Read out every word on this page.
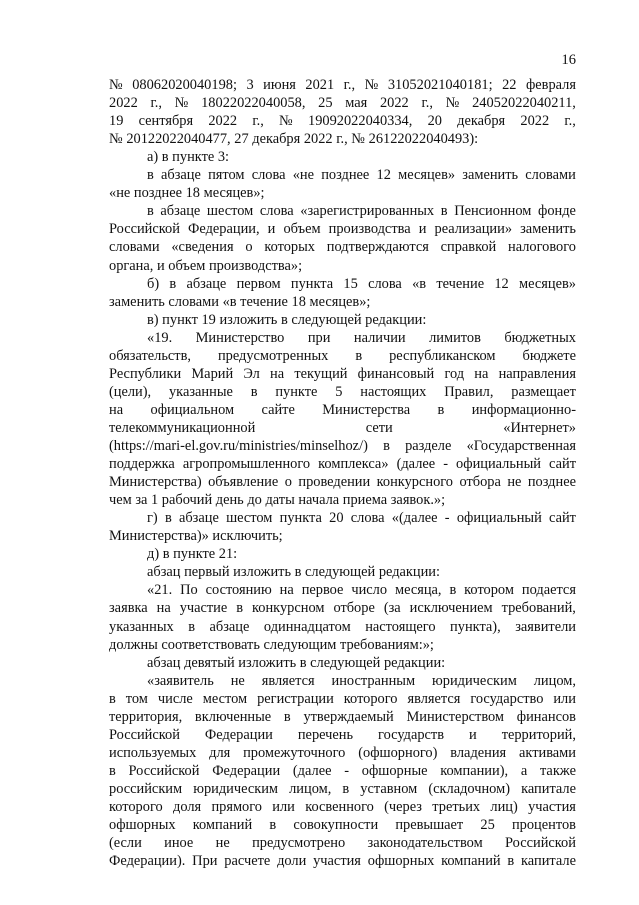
16
№ 08062020040198; 3 июня 2021 г., № 31052021040181; 22 февраля
2022 г., № 18022022040058, 25 мая 2022 г., № 24052022040211,
19 сентября 2022 г., № 19092022040334, 20 декабря 2022 г.,
№ 20122022040477, 27 декабря 2022 г., № 26122022040493):
а) в пункте 3:
в абзаце пятом слова «не позднее 12 месяцев» заменить словами
«не позднее 18 месяцев»;
в абзаце шестом слова «зарегистрированных в Пенсионном фонде
Российской Федерации, и объем производства и реализации» заменить
словами «сведения о которых подтверждаются справкой налогового
органа, и объем производства»;
б) в абзаце первом пункта 15 слова «в течение 12 месяцев»
заменить словами «в течение 18 месяцев»;
в) пункт 19 изложить в следующей редакции:
«19. Министерство при наличии лимитов бюджетных
обязательств, предусмотренных в республиканском бюджете
Республики Марий Эл на текущий финансовый год на направления
(цели), указанные в пункте 5 настоящих Правил, размещает
на официальном сайте Министерства в информационно-
телекоммуникационной	сети	«Интернет»
(https://mari-el.gov.ru/ministries/minselhoz/) в разделе «Государственная
поддержка агропромышленного комплекса» (далее - официальный сайт
Министерства) объявление о проведении конкурсного отбора не позднее
чем за 1 рабочий день до даты начала приема заявок.»;
г) в абзаце шестом пункта 20 слова «(далее - официальный сайт
Министерства)» исключить;
д) в пункте 21:
абзац первый изложить в следующей редакции:
«21. По состоянию на первое число месяца, в котором подается
заявка на участие в конкурсном отборе (за исключением требований,
указанных в абзаце одиннадцатом настоящего пункта), заявители
должны соответствовать следующим требованиям:»;
абзац девятый изложить в следующей редакции:
«заявитель не является иностранным юридическим лицом,
в том числе местом регистрации которого является государство или
территория, включенные в утверждаемый Министерством финансов
Российской Федерации перечень государств и территорий,
используемых для промежуточного (офшорного) владения активами
в Российской Федерации (далее - офшорные компании), а также
российским юридическим лицом, в уставном (складочном) капитале
которого доля прямого или косвенного (через третьих лиц) участия
офшорных компаний в совокупности превышает 25 процентов
(если иное не предусмотрено законодательством Российской
Федерации). При расчете доли участия офшорных компаний в капитале
